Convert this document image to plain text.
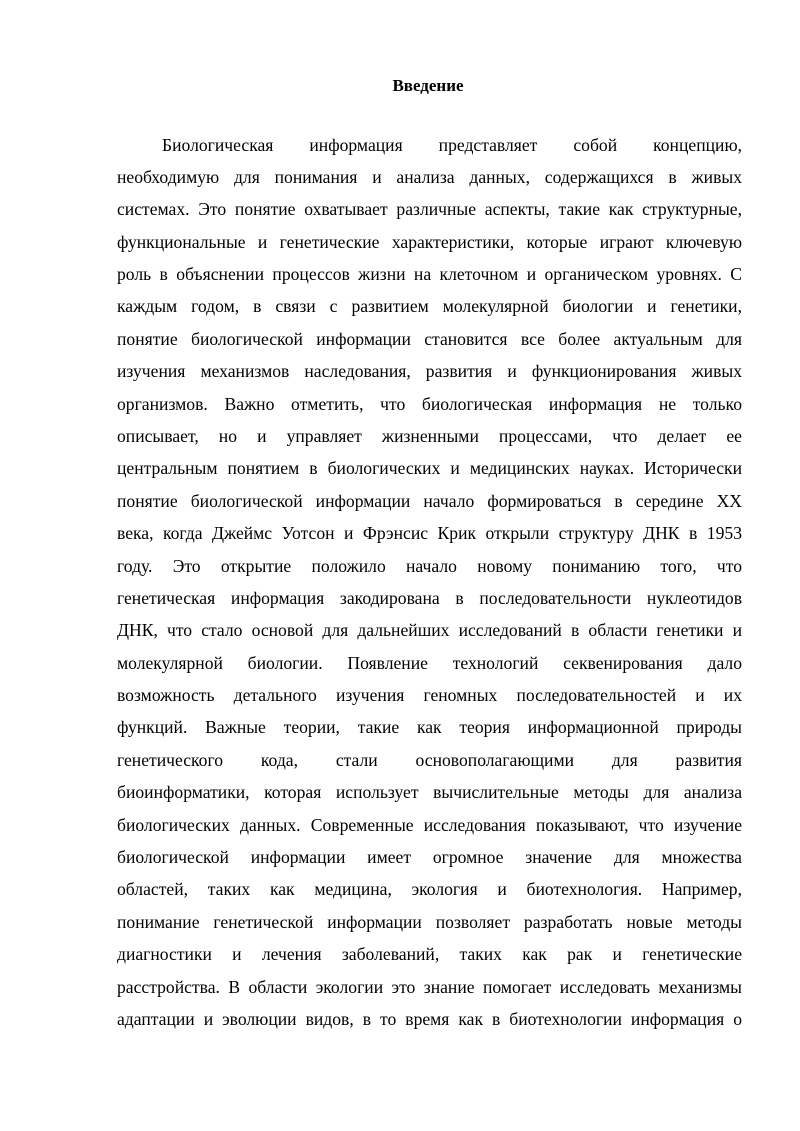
Введение
Биологическая информация представляет собой концепцию,
необходимую для понимания и анализа данных, содержащихся в живых
системах. Это понятие охватывает различные аспекты, такие как структурные,
функциональные и генетические характеристики, которые играют ключевую
роль в объяснении процессов жизни на клеточном и органическом уровнях. С
каждым годом, в связи с развитием молекулярной биологии и генетики,
понятие биологической информации становится все более актуальным для
изучения механизмов наследования, развития и функционирования живых
организмов. Важно отметить, что биологическая информация не только
описывает, но и управляет жизненными процессами, что делает ее
центральным понятием в биологических и медицинских науках. Исторически
понятие биологической информации начало формироваться в середине XX
века, когда Джеймс Уотсон и Фрэнсис Крик открыли структуру ДНК в 1953
году. Это открытие положило начало новому пониманию того, что
генетическая информация закодирована в последовательности нуклеотидов
ДНК, что стало основой для дальнейших исследований в области генетики и
молекулярной биологии. Появление технологий секвенирования дало
возможность детального изучения геномных последовательностей и их
функций. Важные теории, такие как теория информационной природы
генетического кода, стали основополагающими для развития
биоинформатики, которая использует вычислительные методы для анализа
биологических данных. Современные исследования показывают, что изучение
биологической информации имеет огромное значение для множества
областей, таких как медицина, экология и биотехнология. Например,
понимание генетической информации позволяет разработать новые методы
диагностики и лечения заболеваний, таких как рак и генетические
расстройства. В области экологии это знание помогает исследовать механизмы
адаптации и эволюции видов, в то время как в биотехнологии информация о
